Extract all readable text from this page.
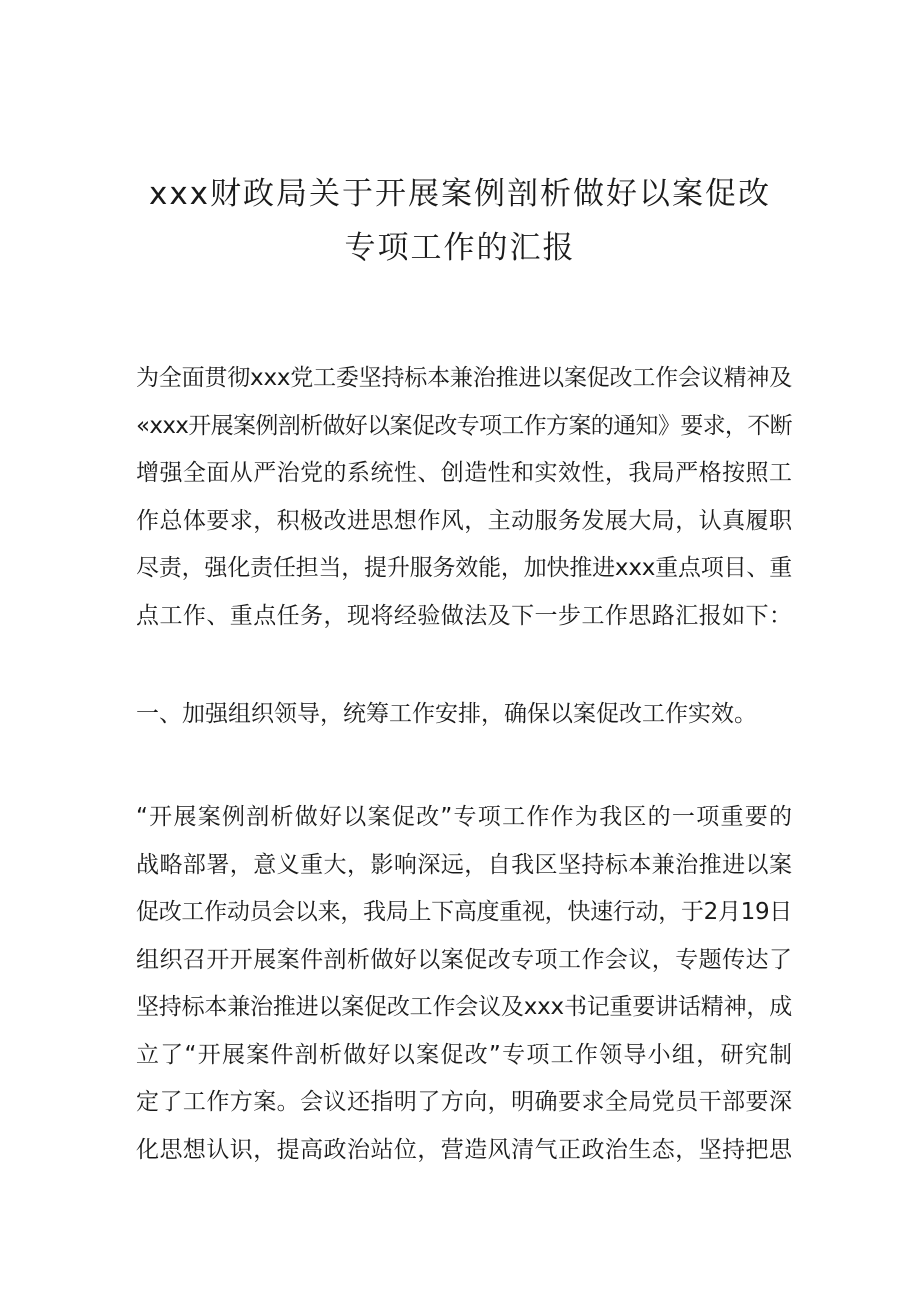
xxx财政局关于开展案例剖析做好以案促改
专项工作的汇报
为全面贯彻xxx党工委坚持标本兼治推进以案促改工作会议精神及
«xxx开展案例剖析做好以案促改专项工作方案的通知》要求，不断
增强全面从严治党的系统性、创造性和实效性，我局严格按照工
作总体要求，积极改进思想作风，主动服务发展大局，认真履职
尽责，强化责任担当，提升服务效能，加快推进xxx重点项目、重
点工作、重点任务，现将经验做法及下一步工作思路汇报如下：

一、加强组织领导，统筹工作安排，确保以案促改工作实效。

“开展案例剖析做好以案促改”专项工作作为我区的一项重要的
战略部署，意义重大，影响深远，自我区坚持标本兼治推进以案
促改工作动员会以来，我局上下高度重视，快速行动，于2月19日
组织召开开展案件剖析做好以案促改专项工作会议，专题传达了
坚持标本兼治推进以案促改工作会议及xxx书记重要讲话精神，成
立了“开展案件剖析做好以案促改”专项工作领导小组，研究制
定了工作方案。会议还指明了方向，明确要求全局党员干部要深
化思想认识，提高政治站位，营造风清气正政治生态，坚持把思
